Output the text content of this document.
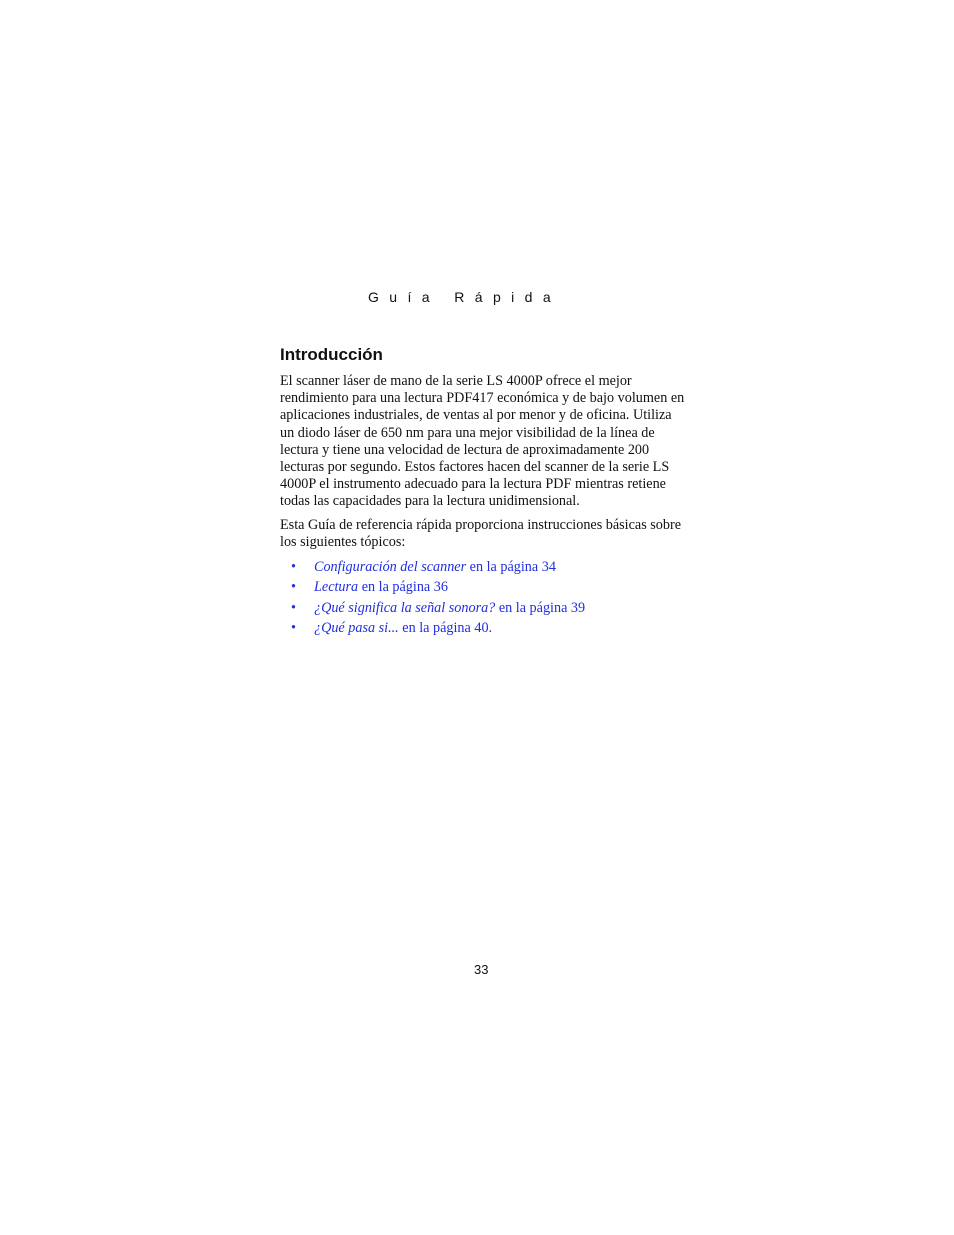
Guía Rápida
Introducción

El scanner láser de mano de la serie LS 4000P ofrece el mejor rendimiento para una lectura PDF417 económica y de bajo volumen en aplicaciones industriales, de ventas al por menor y de oficina. Utiliza un diodo láser de 650 nm para una mejor visibilidad de la línea de lectura y tiene una velocidad de lectura de aproximadamente 200 lecturas por segundo. Estos factores hacen del scanner de la serie LS 4000P el instrumento adecuado para la lectura PDF mientras retiene todas las capacidades para la lectura unidimensional.

Esta Guía de referencia rápida proporciona instrucciones básicas sobre los siguientes tópicos:

• Configuración del scanner en la página 34
• Lectura en la página 36
• ¿Qué significa la señal sonora? en la página 39
• ¿Qué pasa si... en la página 40.
33
